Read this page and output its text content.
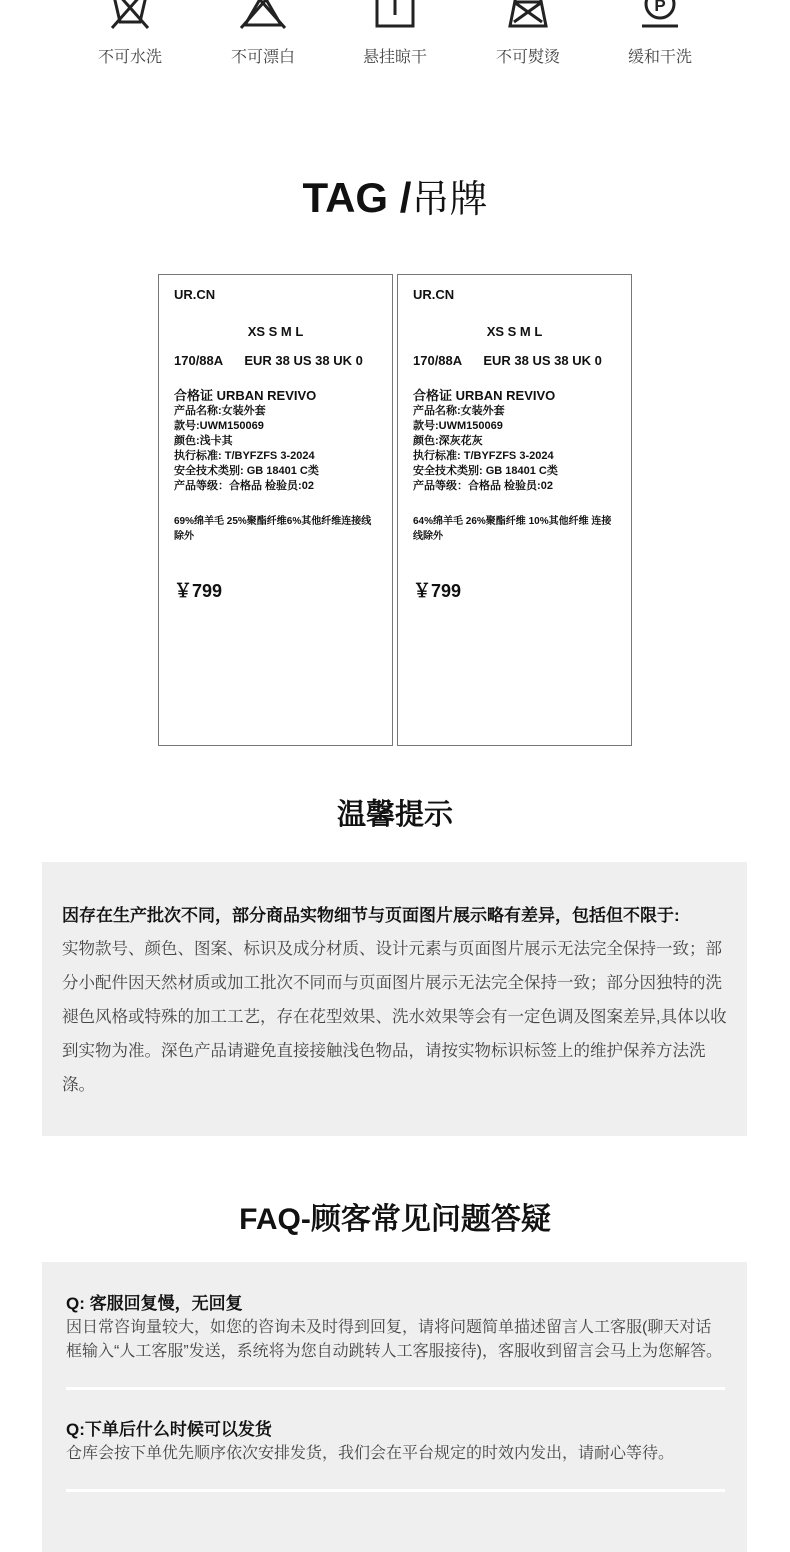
不可水洗	不可漂白	悬挂晾干	不可熨烫
P
缓和干洗
TAG /吊牌
UR.CN
XS S M L
170/88A EUR 38 US 38 UK 0
合格证 URBAN REVIVO
产品名称:女装外套
款号:UWM150069
颜色:浅卡其
执行标准: T/BYFZFS 3-2024
安全技术类别: GB 18401 C类
产品等级：合格品 检验员:02
69%绵羊毛 25%聚酯纤维6%其他纤维连接线除外
￥799
UR.CN
XS S M L
170/88A EUR 38 US 38 UK 0
合格证 URBAN REVIVO
产品名称:女装外套
款号:UWM150069
颜色:深灰花灰
执行标准: T/BYFZFS 3-2024
安全技术类别: GB 18401 C类
产品等级：合格品 检验员:02
64%绵羊毛 26%聚酯纤维 10%其他纤维 连接线除外
￥799
温馨提示
因存在生产批次不同，部分商品实物细节与页面图片展示略有差异，包括但不限于:
实物款号、颜色、图案、标识及成分材质、设计元素与页面图片展示无法完全保持一致；部分小配件因天然材质或加工批次不同而与页面图片展示无法完全保持一致；部分因独特的洗褪色风格或特殊的加工工艺，存在花型效果、洗水效果等会有一定色调及图案差异,具体以收到实物为准。深色产品请避免直接接触浅色物品，请按实物标识标签上的维护保养方法洗涤。
FAQ-顾客常见问题答疑
Q: 客服回复慢，无回复
因日常咨询量较大，如您的咨询未及时得到回复，请将问题简单描述留言人工客服(聊天对话框输入“人工客服”发送，系统将为您自动跳转人工客服接待)，客服收到留言会马上为您解答。
Q:下单后什么时候可以发货
仓库会按下单优先顺序依次安排发货，我们会在平台规定的时效内发出，请耐心等待。
